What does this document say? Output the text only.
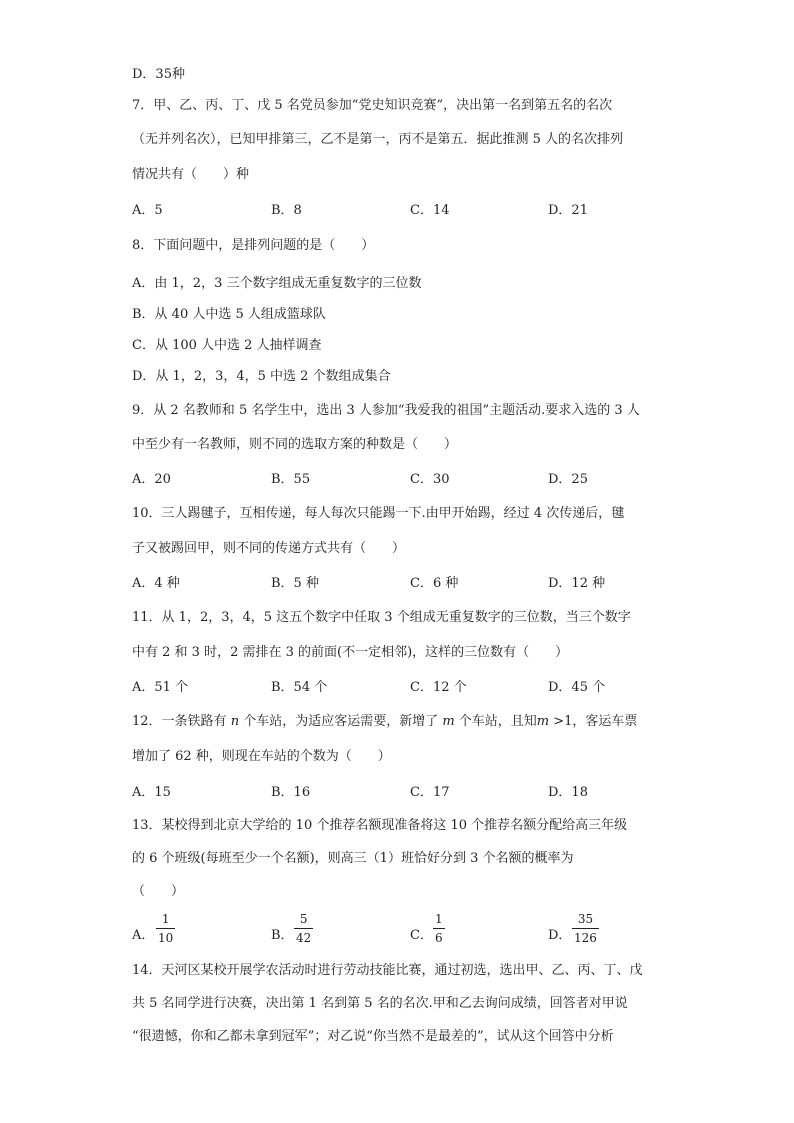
D．35种
7．甲、乙、丙、丁、戊 5 名党员参加“党史知识竞赛”，决出第一名到第五名的名次
（无并列名次），已知甲排第三，乙不是第一，丙不是第五．据此推测 5 人的名次排列
情况共有（　　）种
A．5	B．8	C．14	D．21
8．下面问题中，是排列问题的是（　　）
A．由 1，2，3 三个数字组成无重复数字的三位数
B．从 40 人中选 5 人组成篮球队
C．从 100 人中选 2 人抽样调查
D．从 1，2，3，4，5 中选 2 个数组成集合
9．从 2 名教师和 5 名学生中，选出 3 人参加“我爱我的祖国”主题活动.要求入选的 3 人
中至少有一名教师，则不同的选取方案的种数是（　　）
A．20	B．55	C．30	D．25
10．三人踢毽子，互相传递，每人每次只能踢一下.由甲开始踢，经过 4 次传递后，毽
子又被踢回甲，则不同的传递方式共有（　　）
A．4 种	B．5 种	C．6 种	D．12 种
11．从 1，2，3，4，5 这五个数字中任取 3 个组成无重复数字的三位数，当三个数字
中有 2 和 3 时，2 需排在 3 的前面(不一定相邻)，这样的三位数有（　　）
A．51 个	B．54 个	C．12 个	D．45 个
12．一条铁路有 n 个车站，为适应客运需要，新增了 m 个车站，且知m >1，客运车票
增加了 62 种，则现在车站的个数为（　　）
A．15	B．16	C．17	D．18
13．某校得到北京大学给的 10 个推荐名额现准备将这 10 个推荐名额分配给高三年级
的 6 个班级(每班至少一个名额)，则高三（1）班恰好分到 3 个名额的概率为
（　　）
A．
1
10	B．
5
42	C．
1
6	D．
35
126
14．天河区某校开展学农活动时进行劳动技能比赛，通过初选，选出甲、乙、丙、丁、戊
共 5 名同学进行决赛，决出第 1 名到第 5 名的名次.甲和乙去询问成绩，回答者对甲说
“很遗憾，你和乙都未拿到冠军”；对乙说“你当然不是最差的”，试从这个回答中分析
